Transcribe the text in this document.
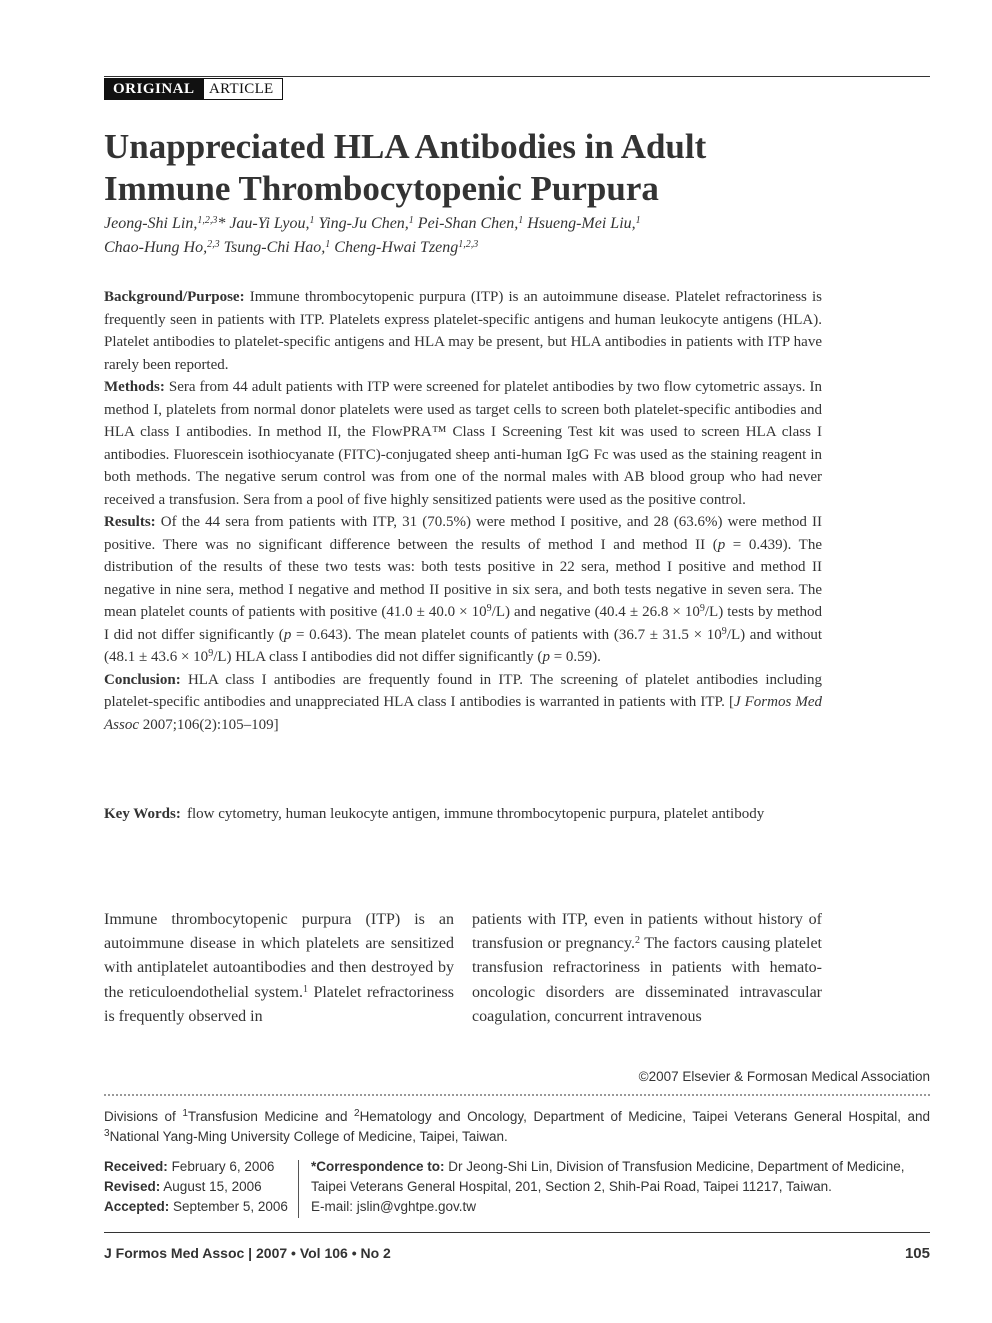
ORIGINAL ARTICLE
Unappreciated HLA Antibodies in Adult
Immune Thrombocytopenic Purpura
Jeong-Shi Lin,$^{1,2,3}$* Jau-Yi Lyou,$^1$ Ying-Ju Chen,$^1$ Pei-Shan Chen,$^1$ Hsueng-Mei Liu,$^1$
Chao-Hung Ho,$^{2,3}$ Tsung-Chi Hao,$^1$ Cheng-Hwai Tzeng$^{1,2,3}$

Background/Purpose: Immune thrombocytopenic purpura (ITP) is an autoimmune disease. Platelet refractoriness is frequently seen in patients with ITP. Platelets express platelet-specific antigens and human leukocyte antigens (HLA). Platelet antibodies to platelet-specific antigens and HLA may be present, but HLA antibodies in patients with ITP have rarely been reported.

Methods: Sera from 44 adult patients with ITP were screened for platelet antibodies by two flow cytometric assays. In method I, platelets from normal donor platelets were used as target cells to screen both platelet-specific antibodies and HLA class I antibodies. In method II, the FlowPRA™ Class I Screening Test kit was used to screen HLA class I antibodies. Fluorescein isothiocyanate (FITC)-conjugated sheep anti-human IgG Fc was used as the staining reagent in both methods. The negative serum control was from one of the normal males with AB blood group who had never received a transfusion. Sera from a pool of five highly sensitized patients were used as the positive control.

Results: Of the 44 sera from patients with ITP, 31 (70.5%) were method I positive, and 28 (63.6%) were method II positive. There was no significant difference between the results of method I and method II (p = 0.439). The distribution of the results of these two tests was: both tests positive in 22 sera, method I positive and method II negative in nine sera, method I negative and method II positive in six sera, and both tests negative in seven sera. The mean platelet counts of patients with positive $(41.0 \pm 40.0 \times 10^9/L)$ and negative $(40.4 \pm 26.8 \times 10^9/L)$ tests by method I did not differ significantly (p = 0.643). The mean platelet counts of patients with $(36.7 \pm 31.5 \times 10^9/L)$ and without $(48.1 \pm 43.6 \times 10^9/L)$ HLA class I antibodies did not differ significantly (p = 0.59).

Conclusion: HLA class I antibodies are frequently found in ITP. The screening of platelet antibodies including platelet-specific antibodies and unappreciated HLA class I antibodies is warranted in patients with ITP. [J Formos Med Assoc 2007;106(2):105–109]

Key Words: flow cytometry, human leukocyte antigen, immune thrombocytopenic purpura, platelet antibody
Immune thrombocytopenic purpura (ITP) is an autoimmune disease in which platelets are sensitized with antiplatelet autoantibodies and then destroyed by the reticuloendothelial system.$^1$ Platelet refractoriness is frequently observed in
patients with ITP, even in patients without history of transfusion or pregnancy.$^2$ The factors causing platelet transfusion refractoriness in patients with hemato-oncologic disorders are disseminated intravascular coagulation, concurrent intravenous
©2007 Elsevier & Formosan Medical Association
Divisions of $^1$Transfusion Medicine and $^2$Hematology and Oncology, Department of Medicine, Taipei Veterans General Hospital, and $^3$National Yang-Ming University College of Medicine, Taipei, Taiwan.
Received: February 6, 2006
Revised: August 15, 2006
Accepted: September 5, 2006
*Correspondence to: Dr Jeong-Shi Lin, Division of Transfusion Medicine, Department of Medicine, Taipei Veterans General Hospital, 201, Section 2, Shih-Pai Road, Taipei 11217, Taiwan.
E-mail: jslin@vghtpe.gov.tw
J Formos Med Assoc | 2007 • Vol 106 • No 2	105
